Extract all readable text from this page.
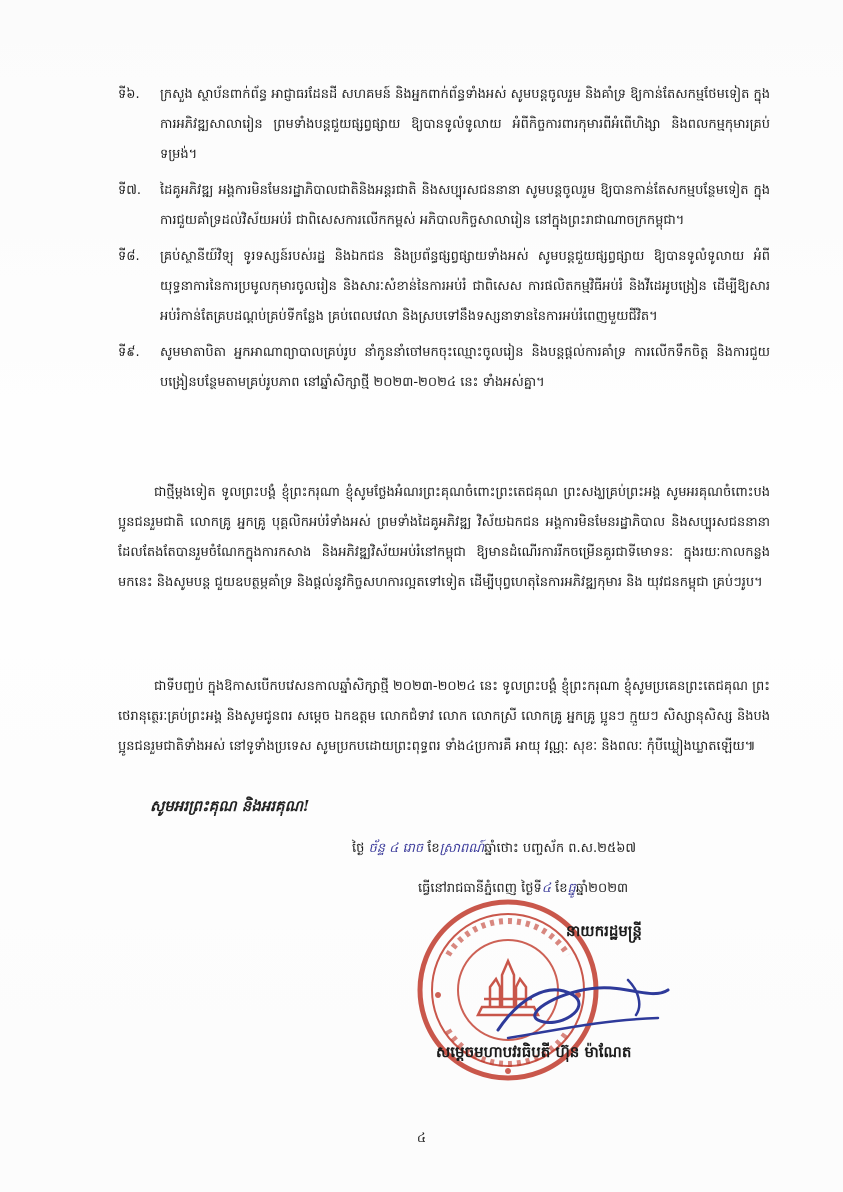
ទី៦.	ក្រសួង ស្ថាប័នពាក់ព័ន្ធ អាជ្ញាធរដែនដី សហគមន៍ និងអ្នកពាក់ព័ន្ធទាំងអស់ សូមបន្តចូលរួម និងគាំទ្រ ឱ្យកាន់តែសកម្មថែមទៀត ក្នុងការអភិវឌ្ឍសាលារៀន ព្រមទាំងបន្តជួយផ្សព្វផ្សាយ ឱ្យបានទូលំទូលាយ អំពីកិច្ចការពារកុមារពីអំពើហិង្សា និងពលកម្មកុមារគ្រប់ទម្រង់។
ទី៧.	ដៃគូអភិវឌ្ឍ អង្គការមិនមែនរដ្ឋាភិបាលជាតិនិងអន្តរជាតិ និងសប្បុរសជននានា សូមបន្តចូលរួម ឱ្យបានកាន់តែសកម្មបន្ថែមទៀត ក្នុងការជួយគាំទ្រដល់វិស័យអប់រំ ជាពិសេសការលើកកម្ពស់ អភិបាលកិច្ចសាលារៀន នៅក្នុងព្រះរាជាណាចក្រកម្ពុជា។
ទី៨.	គ្រប់ស្ថានីយ៍វិទ្យុ ទូរទស្សន៍របស់រដ្ឋ និងឯកជន និងប្រព័ន្ធផ្សព្វផ្សាយទាំងអស់ សូមបន្តជួយផ្សព្វផ្សាយ ឱ្យបានទូលំទូលាយ អំពីយុទ្ធនាការនៃការប្រមូលកុមារចូលរៀន និងសារៈសំខាន់នៃការអប់រំ ជាពិសេស ការផលិតកម្មវិធីអប់រំ និងវីដេអូបង្រៀន ដើម្បីឱ្យសារអប់រំកាន់តែគ្របដណ្តប់គ្រប់ទីកន្លែង គ្រប់ពេលវេលា និងស្របទៅនឹងទស្សនាទាននៃការអប់រំពេញមួយជីវិត។
ទី៩.	សូមមាតាបិតា អ្នកអាណាព្យាបាលគ្រប់រូប នាំកូននាំចៅមកចុះឈ្មោះចូលរៀន និងបន្តផ្តល់ការគាំទ្រ ការលើកទឹកចិត្ត និងការជួយបង្រៀនបន្ថែមតាមគ្រប់រូបភាព នៅឆ្នាំសិក្សាថ្មី ២០២៣-២០២៤ នេះ ទាំងអស់គ្នា។
ជាថ្មីម្តងទៀត ទូលព្រះបង្គំ ខ្ញុំព្រះករុណា ខ្ញុំសូមថ្លែងអំណរព្រះគុណចំពោះព្រះតេជគុណ ព្រះសង្ឃគ្រប់ព្រះអង្គ សូមអរគុណចំពោះបងប្អូនជនរួមជាតិ លោកគ្រូ អ្នកគ្រូ បុគ្គលិកអប់រំទាំងអស់ ព្រមទាំងដៃគូអភិវឌ្ឍ វិស័យឯកជន អង្គការមិនមែនរដ្ឋាភិបាល និងសប្បុរសជននានា ដែលតែងតែបានរួមចំណែកក្នុងការកសាង និងអភិវឌ្ឍវិស័យអប់រំនៅកម្ពុជា ឱ្យមានដំណើរការរីកចម្រើនគួរជាទីមោទនៈ ក្នុងរយៈកាលកន្លងមកនេះ និងសូមបន្ត ជួយឧបត្ថម្ភគាំទ្រ និងផ្តល់នូវកិច្ចសហការល្អតទៅទៀត ដើម្បីបុព្វហេតុនៃការអភិវឌ្ឍកុមារ និង យុវជនកម្ពុជា គ្រប់ៗរូប។
ជាទីបញ្ចប់ ក្នុងឱកាសបើកបវេសនកាលឆ្នាំសិក្សាថ្មី ២០២៣-២០២៤ នេះ ទូលព្រះបង្គំ ខ្ញុំព្រះករុណា ខ្ញុំសូមប្រគេនព្រះតេជគុណ ព្រះថេរានុត្ថេរៈគ្រប់ព្រះអង្គ និងសូមជូនពរ សម្តេច ឯកឧត្តម លោកជំទាវ លោក លោកស្រី លោកគ្រូ អ្នកគ្រូ ប្អូនៗ ក្មួយៗ សិស្សានុសិស្ស និងបងប្អូនជនរួមជាតិទាំងអស់ នៅទូទាំងប្រទេស សូមប្រកបដោយព្រះពុទ្ធពរ ទាំង៤ប្រការគឺ អាយុ វណ្ណៈ សុខៈ និងពលៈ កុំបីឃ្លៀងឃ្លាតឡើយ៕
សូមអរព្រះគុណ និងអរគុណ!
ថ្ងៃ ច័ន្ទ ៤ រោច ខែស្រាពណ៍ឆ្នាំថោះ បញ្ចស័ក ព.ស.២៥៦៧
ធ្វើនៅរាជធានីភ្នំពេញ ថ្ងៃទី៤ ខែធ្នូឆ្នាំ២០២៣
នាយករដ្ឋមន្ត្រី
សម្តេចមហាបវរធិបតី ហ៊ុន ម៉ាណែត
៤
